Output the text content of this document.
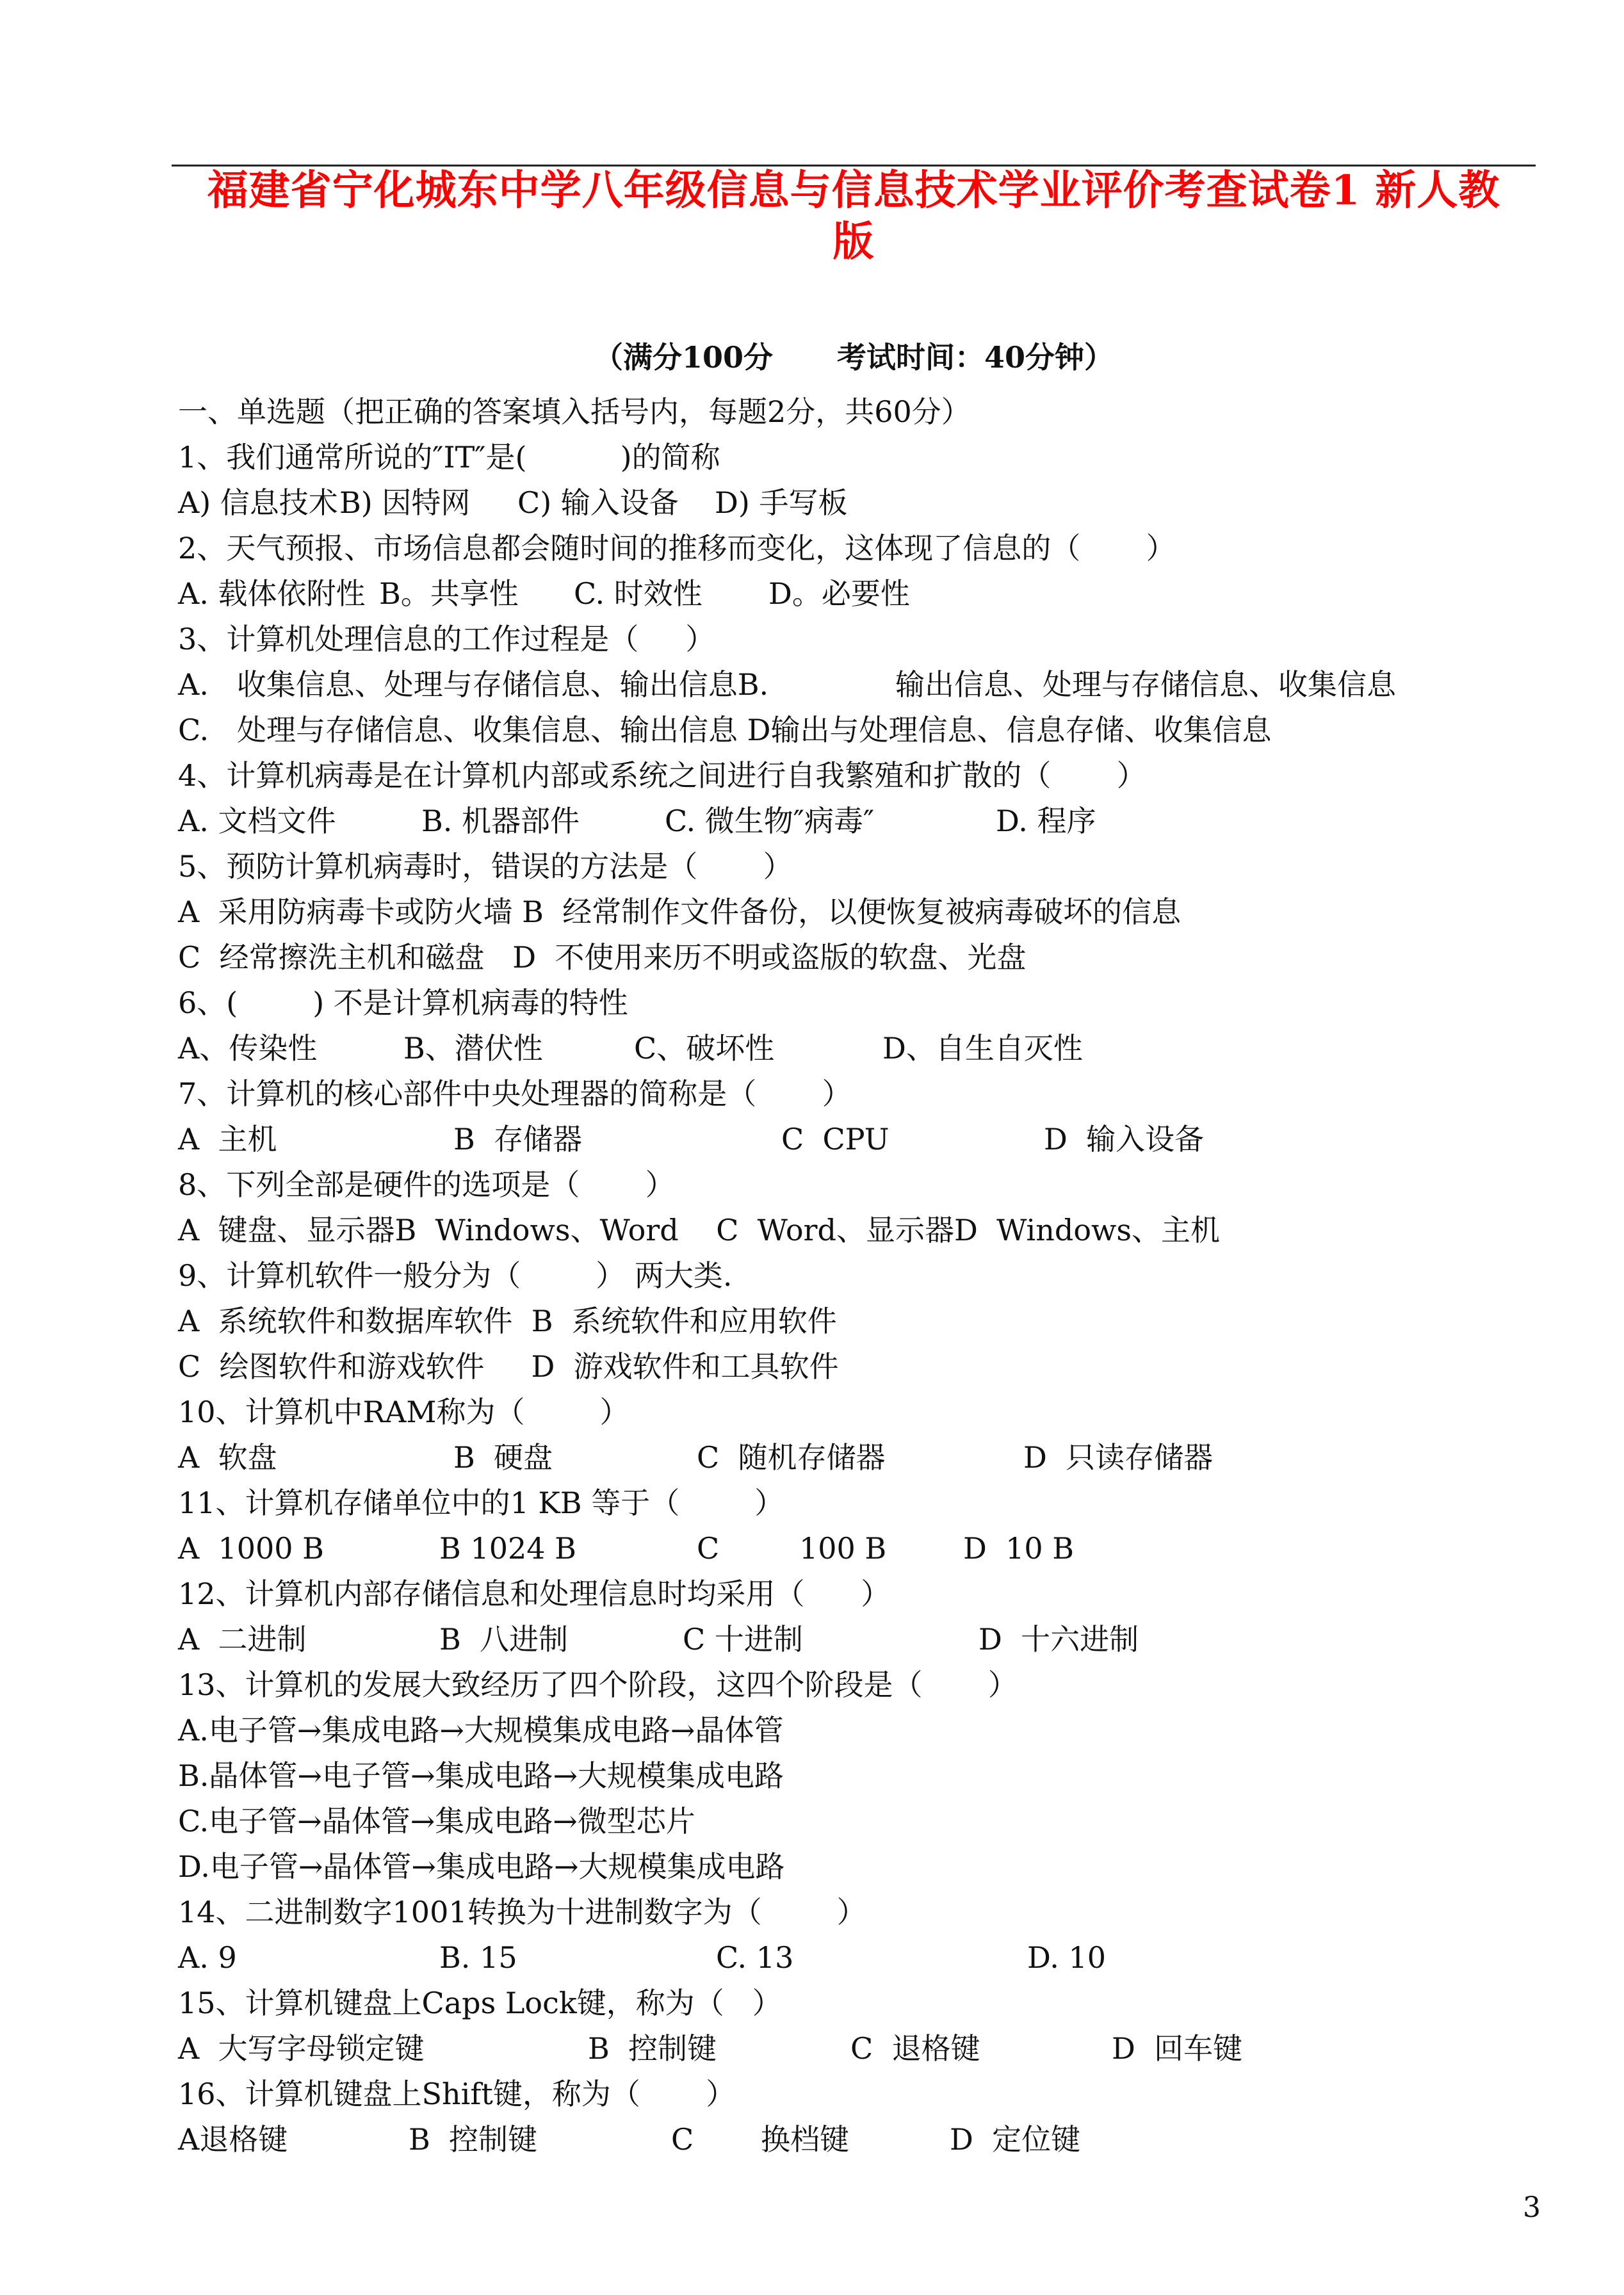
福建省宁化城东中学八年级信息与信息技术学业评价考查试卷1 新人教
版
（满分100分 考试时间：40分钟）
一、单选题（把正确的答案填入括号内，每题2分，共60分）
1、我们通常所说的″IT″是(          )的简称
A) 信息技术 B) 因特网 C) 输入设备 D) 手写板
2、天气预报、市场信息都会随时间的推移而变化，这体现了信息的（       ）
A. 载体依附性 B。共享性 C. 时效性 D。必要性
3、计算机处理信息的工作过程是（     ）
A.   收集信息、处理与存储信息、输出信息B.	输出信息、处理与存储信息、收集信息
C.   处理与存储信息、收集信息、输出信息 D输出与处理信息、信息存储、收集信息
4、计算机病毒是在计算机内部或系统之间进行自我繁殖和扩散的（       ）
A. 文档文件	B. 机器部件	C. 微生物″病毒″	D. 程序
5、预防计算机病毒时，错误的方法是（       ）
A  采用防病毒卡或防火墙 B  经常制作文件备份，以便恢复被病毒破坏的信息
C  经常擦洗主机和磁盘   D  不使用来历不明或盗版的软盘、光盘
6、(        ) 不是计算机病毒的特性
A、传染性	B、潜伏性	C、破坏性	D、自生自灭性
7、计算机的核心部件中央处理器的简称是（       ）
A  主机	B  存储器	C  CPU	D  输入设备
8、下列全部是硬件的选项是（       ）
A  键盘、显示器B  Windows、Word    C  Word、显示器D  Windows、主机
9、计算机软件一般分为（        ） 两大类.
A  系统软件和数据库软件  B  系统软件和应用软件
C  绘图软件和游戏软件     D  游戏软件和工具软件
10、计算机中RAM称为（        ）
A  软盘	B  硬盘	C  随机存储器	D  只读存储器
11、计算机存储单位中的1 KB 等于（        ）
A  1000 B	B 1024 B	C	100 B	D  10 B
12、计算机内部存储信息和处理信息时均采用（      ）
A  二进制	B  八进制	C 十进制	D  十六进制
13、计算机的发展大致经历了四个阶段，这四个阶段是（       ）
A.电子管→集成电路→大规模集成电路→晶体管
B.晶体管→电子管→集成电路→大规模集成电路
C.电子管→晶体管→集成电路→微型芯片
D.电子管→晶体管→集成电路→大规模集成电路
14、二进制数字1001转换为十进制数字为（        ）
A. 9	B. 15	C. 13	D. 10
15、计算机键盘上Caps Lock键，称为（   ）
A  大写字母锁定键	B  控制键	C  退格键	D  回车键
16、计算机键盘上Shift键，称为（       ）
A退格键	B  控制键	C 换档键	D  定位键
3
